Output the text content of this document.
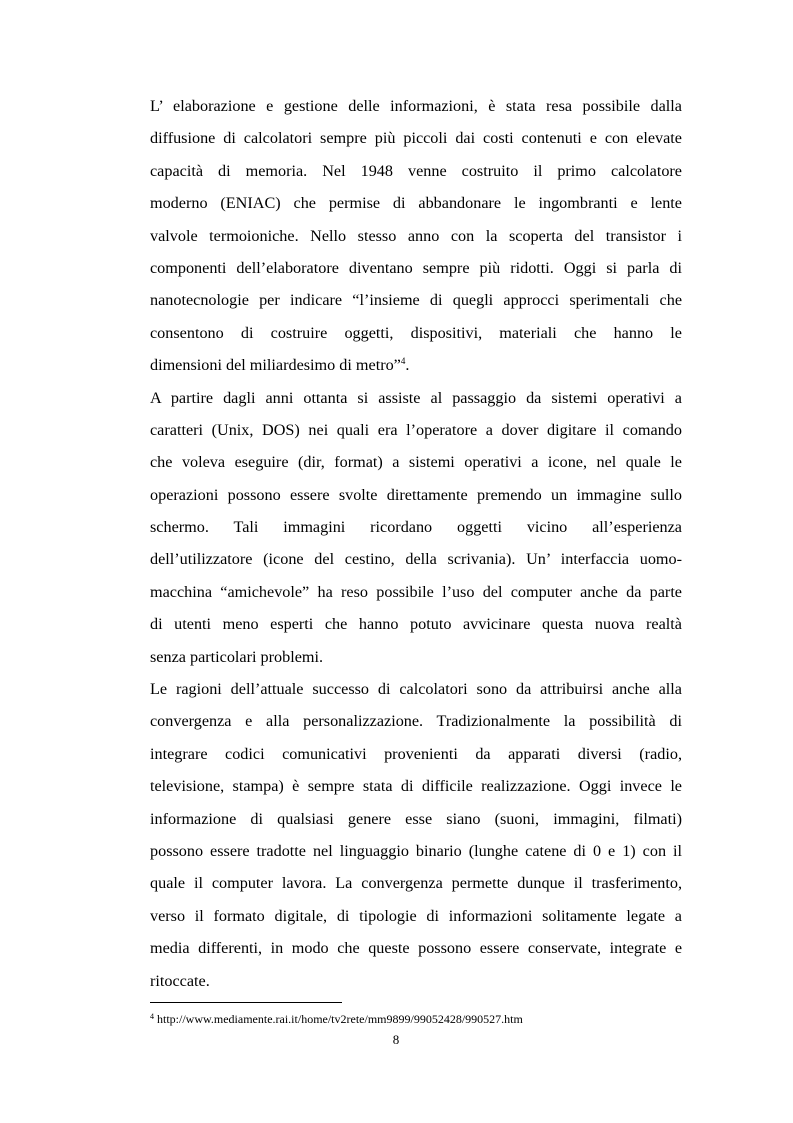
L’ elaborazione e gestione delle informazioni, è stata resa possibile dalla
diffusione di calcolatori sempre più piccoli dai costi contenuti e con elevate
capacità di memoria. Nel 1948 venne costruito il primo calcolatore
moderno (ENIAC) che permise di abbandonare le ingombranti e lente
valvole termoioniche. Nello stesso anno con la scoperta del transistor i
componenti dell’elaboratore diventano sempre più ridotti. Oggi si parla di
nanotecnologie per indicare “l’insieme di quegli approcci sperimentali che
consentono di costruire oggetti, dispositivi, materiali che hanno le
dimensioni del miliardesimo di metro”$^4$.
A partire dagli anni ottanta si assiste al passaggio da sistemi operativi a
caratteri (Unix, DOS) nei quali era l’operatore a dover digitare il comando
che voleva eseguire (dir, format) a sistemi operativi a icone, nel quale le
operazioni possono essere svolte direttamente premendo un immagine sullo
schermo. Tali immagini ricordano oggetti vicino all’esperienza
dell’utilizzatore (icone del cestino, della scrivania). Un’ interfaccia uomo-
macchina “amichevole” ha reso possibile l’uso del computer anche da parte
di utenti meno esperti che hanno potuto avvicinare questa nuova realtà
senza particolari problemi.
Le ragioni dell’attuale successo di calcolatori sono da attribuirsi anche alla
convergenza e alla personalizzazione. Tradizionalmente la possibilità di
integrare codici comunicativi provenienti da apparati diversi (radio,
televisione, stampa) è sempre stata di difficile realizzazione. Oggi invece le
informazione di qualsiasi genere esse siano (suoni, immagini, filmati)
possono essere tradotte nel linguaggio binario (lunghe catene di 0 e 1) con il
quale il computer lavora. La convergenza permette dunque il trasferimento,
verso il formato digitale, di tipologie di informazioni solitamente legate a
media differenti, in modo che queste possono essere conservate, integrate e
ritoccate.
$^4$ http://www.mediamente.rai.it/home/tv2rete/mm9899/99052428/990527.htm
8
